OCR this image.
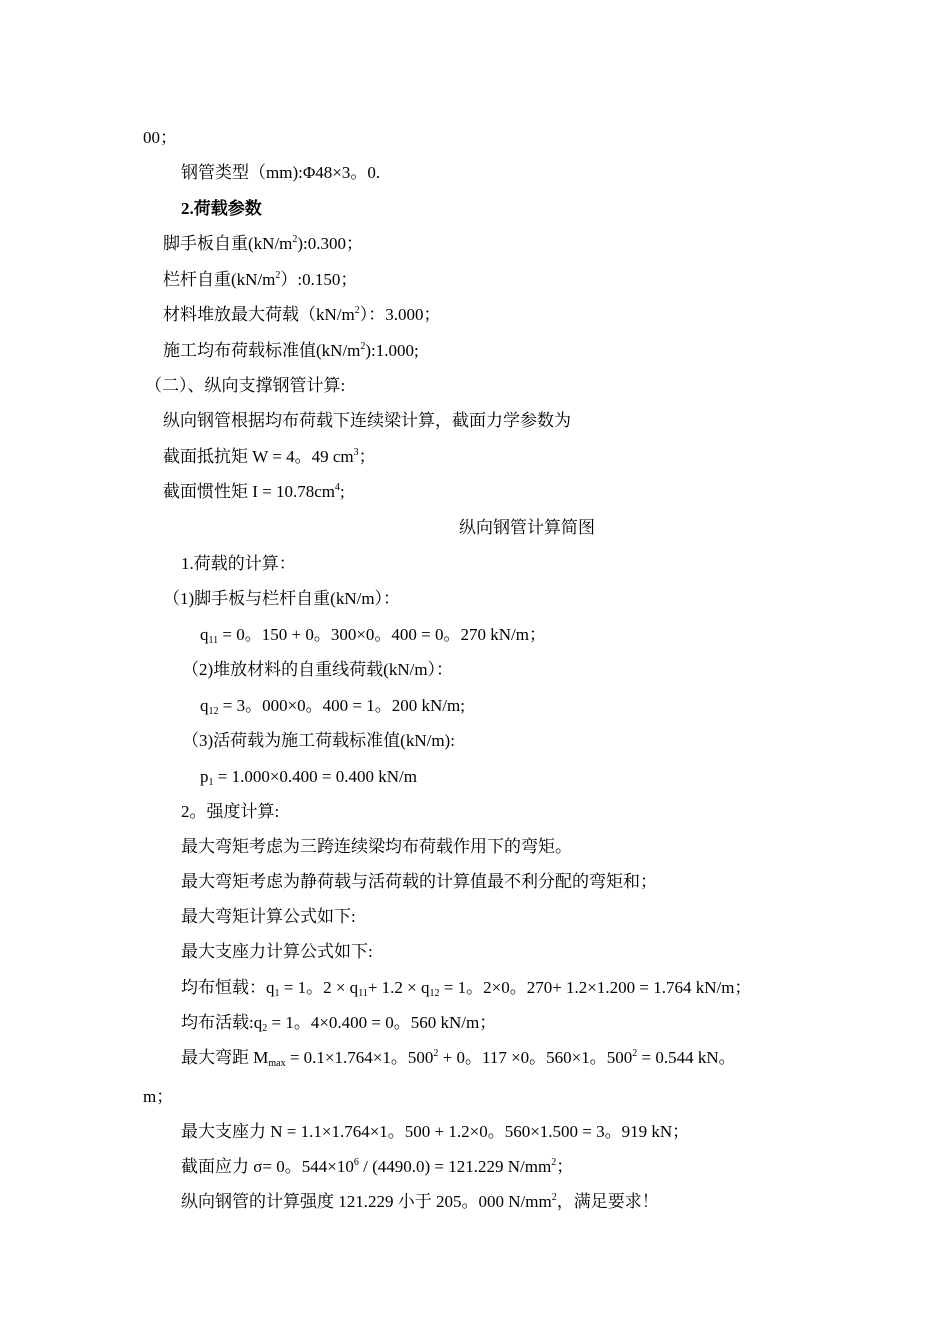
00；
钢管类型（mm):Φ48×3。0.
2.荷载参数
脚手板自重$(kN/m^2):0.300$；
栏杆自重$(kN/m^2):0.150$；
材料堆放最大荷载$(kN/m^2)$：3.000；
施工均布荷载标准值$(kN/m^2):1.000$;
（二）、纵向支撑钢管计算:
纵向钢管根据均布荷载下连续梁计算，截面力学参数为
截面抵抗矩 W = 4。49 $cm^3$；
截面惯性矩 $I = 10.78cm^4$;
纵向钢管计算简图
1.荷载的计算：
（1)脚手板与栏杆自重(kN/m）：
$q_{11} = 0$。150 + 0。300×0。400 = 0。270 kN/m；
（2)堆放材料的自重线荷载(kN/m）：
$q_{12} = 3$。000×0。400 = 1。200 kN/m;
（3)活荷载为施工荷载标准值(kN/m):
$p_1 = 1.000\times 0.400 = 0.400$ kN/m
2。强度计算:
最大弯矩考虑为三跨连续梁均布荷载作用下的弯矩。
最大弯矩考虑为静荷载与活荷载的计算值最不利分配的弯矩和；
最大弯矩计算公式如下:
最大支座力计算公式如下:
均布恒载：$q_1 = 1$。$2 \times q_{11}+ 1.2 \times q_{12} = 1$。2×0。270+ 1.2×1.200 = 1.764 kN/m；
均布活载$:q_2 = 1$。4×0.400 = 0。560 kN/m；
最大弯距 $M_{max} = 0.1\times 1.764\times 1$。$500^2 + 0$。117 ×0。560×1。$500^2 = 0.544$ kN。
m；
最大支座力 N = 1.1×1.764×1。500 + 1.2×0。560×1.500 = 3。919 kN；
截面应力 σ= 0。$544\times 10^6 / (4490.0) = 121.229$ $N/mm^2$；
纵向钢管的计算强度 121.229 小于 205。000 $N/mm^2$，满足要求！
